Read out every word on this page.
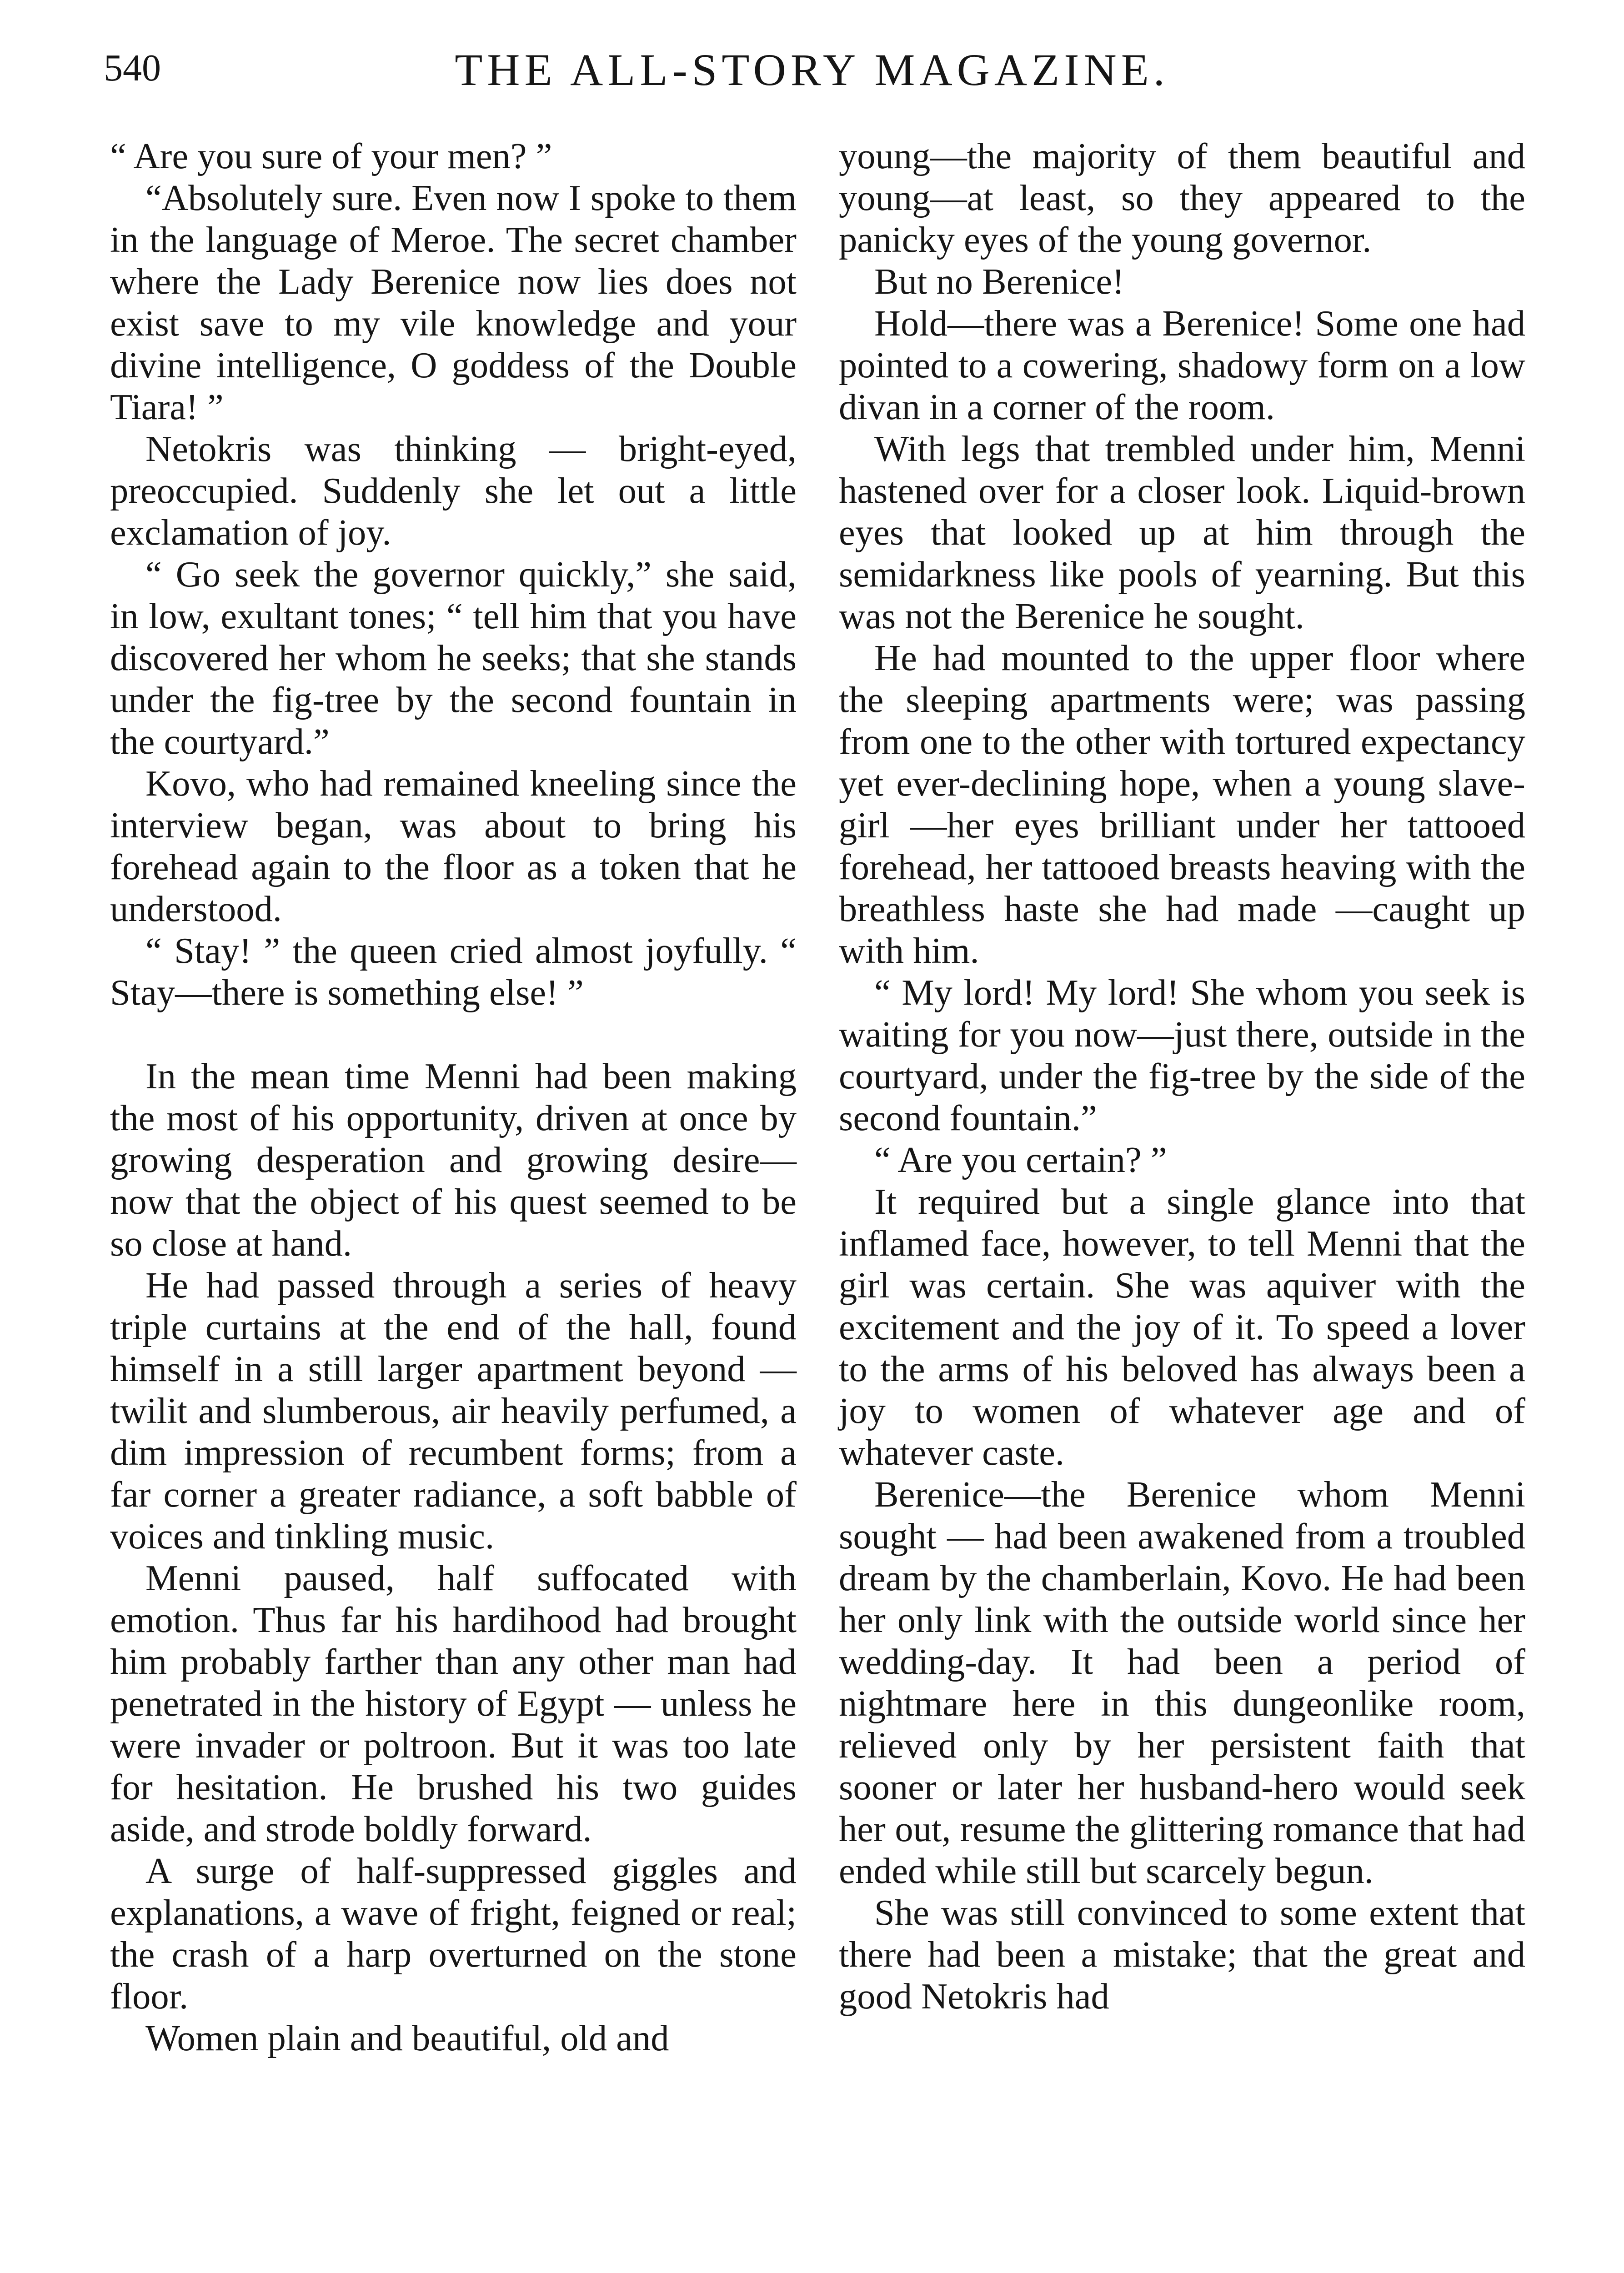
540	THE ALL-STORY MAGAZINE.

“ Are you sure of your men? ”

“Absolutely sure. Even now I spoke to them in the language of Meroe. The secret chamber where the Lady Berenice now lies does not exist save to my vile knowledge and your divine intelligence, O goddess of the Double Tiara! ”

Netokris was thinking — bright-eyed, preoccupied. Suddenly she let out a little exclamation of joy.

“ Go seek the governor quickly,” she said, in low, exultant tones; “ tell him that you have discovered her whom he seeks; that she stands under the fig-tree by the second fountain in the courtyard.”

Kovo, who had remained kneeling since the interview began, was about to bring his forehead again to the floor as a token that he understood.

“ Stay! ” the queen cried almost joyfully. “ Stay—there is something else! ”

In the mean time Menni had been making the most of his opportunity, driven at once by growing desperation and growing desire—now that the object of his quest seemed to be so close at hand.

He had passed through a series of heavy triple curtains at the end of the hall, found himself in a still larger apartment beyond — twilit and slumberous, air heavily perfumed, a dim impression of recumbent forms; from a far corner a greater radiance, a soft babble of voices and tinkling music.

Menni paused, half suffocated with emotion. Thus far his hardihood had brought him probably farther than any other man had penetrated in the history of Egypt — unless he were invader or poltroon. But it was too late for hesitation. He brushed his two guides aside, and strode boldly forward.

A surge of half-suppressed giggles and explanations, a wave of fright, feigned or real; the crash of a harp overturned on the stone floor.

Women plain and beautiful, old and

young—the majority of them beautiful and young—at least, so they appeared to the panicky eyes of the young governor.

But no Berenice!

Hold—there was a Berenice! Some one had pointed to a cowering, shadowy form on a low divan in a corner of the room.

With legs that trembled under him, Menni hastened over for a closer look. Liquid-brown eyes that looked up at him through the semidarkness like pools of yearning. But this was not the Berenice he sought.

He had mounted to the upper floor where the sleeping apartments were; was passing from one to the other with tortured expectancy yet ever-declining hope, when a young slave-girl —her eyes brilliant under her tattooed forehead, her tattooed breasts heaving with the breathless haste she had made —caught up with him.

“ My lord! My lord! She whom you seek is waiting for you now—just there, outside in the courtyard, under the fig-tree by the side of the second fountain.”

“ Are you certain? ”

It required but a single glance into that inflamed face, however, to tell Menni that the girl was certain. She was aquiver with the excitement and the joy of it. To speed a lover to the arms of his beloved has always been a joy to women of whatever age and of whatever caste.

Berenice—the Berenice whom Menni sought — had been awakened from a troubled dream by the chamberlain, Kovo. He had been her only link with the outside world since her wedding-day. It had been a period of nightmare here in this dungeonlike room, relieved only by her persistent faith that sooner or later her husband-hero would seek her out, resume the glittering romance that had ended while still but scarcely begun.

She was still convinced to some extent that there had been a mistake; that the great and good Netokris had
